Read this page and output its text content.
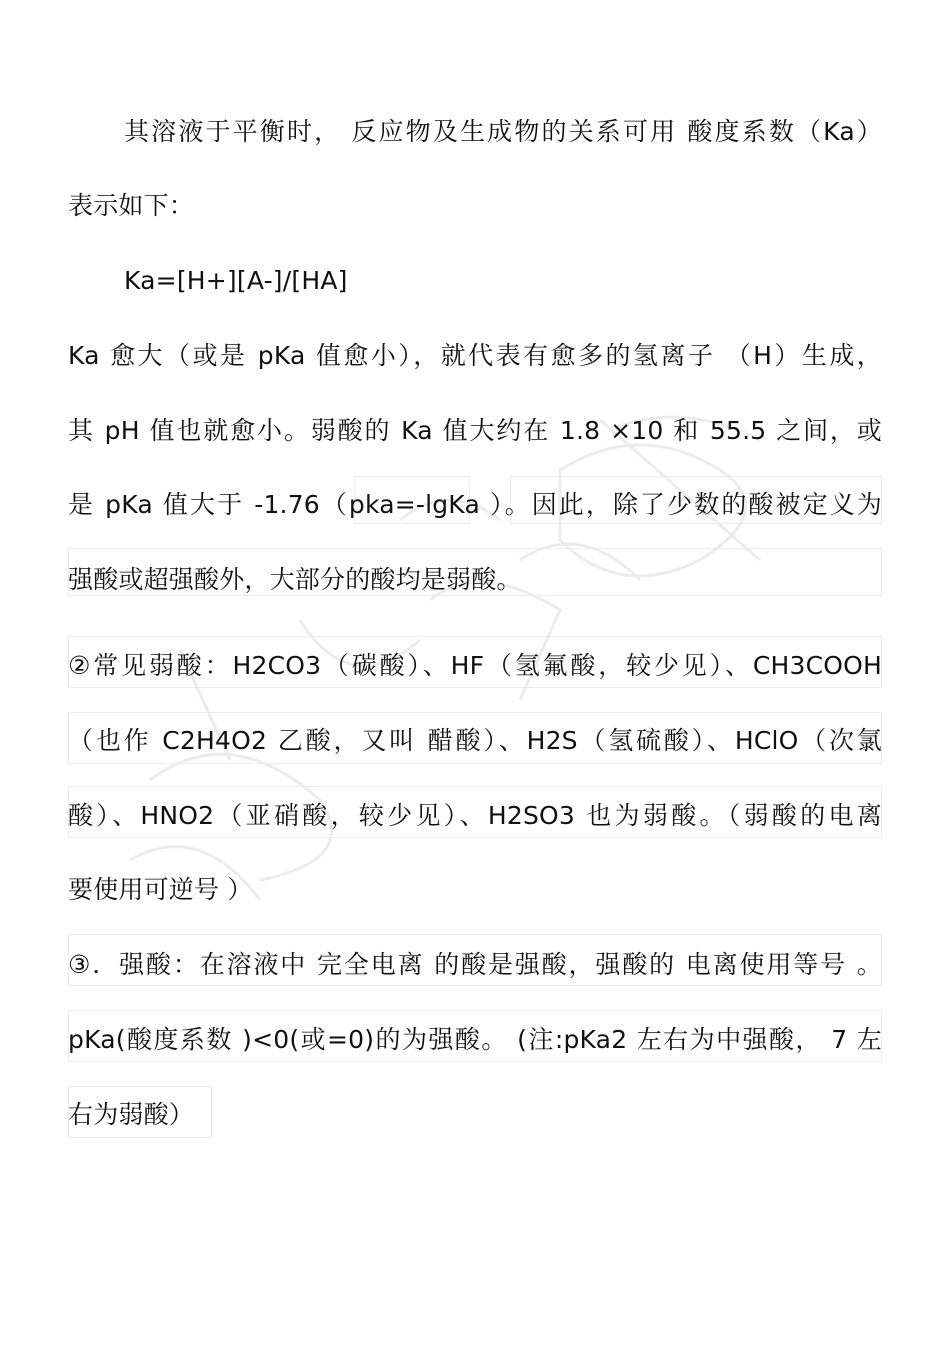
其溶液于平衡时， 反应物及生成物的关系可用 酸度系数（Ka）
表示如下：
Ka=[H+][A-]/[HA]
Ka 愈大（或是 pKa 值愈小），就代表有愈多的氢离子 （H）生成，
其 pH 值也就愈小。弱酸的 Ka 值大约在 1.8 ×10 和 55.5 之间，或
是 pKa 值大于 -1.76（pka=-lgKa ）。因此，除了少数的酸被定义为
强酸或超强酸外，大部分的酸均是弱酸。
②常见弱酸：H2CO3（碳酸）、HF（氢氟酸，较少见）、CH3COOH
（也作 C2H4O2 乙酸，又叫 醋酸）、H2S（氢硫酸）、HClO（次氯
酸）、HNO2（亚硝酸，较少见）、H2SO3 也为弱酸。（弱酸的电离
要使用可逆号 ）
③．强酸：在溶液中 完全电离 的酸是强酸，强酸的 电离使用等号 。
pKa(酸度系数 )<0(或=0)的为强酸。 (注:pKa2 左右为中强酸， 7 左
右为弱酸）
